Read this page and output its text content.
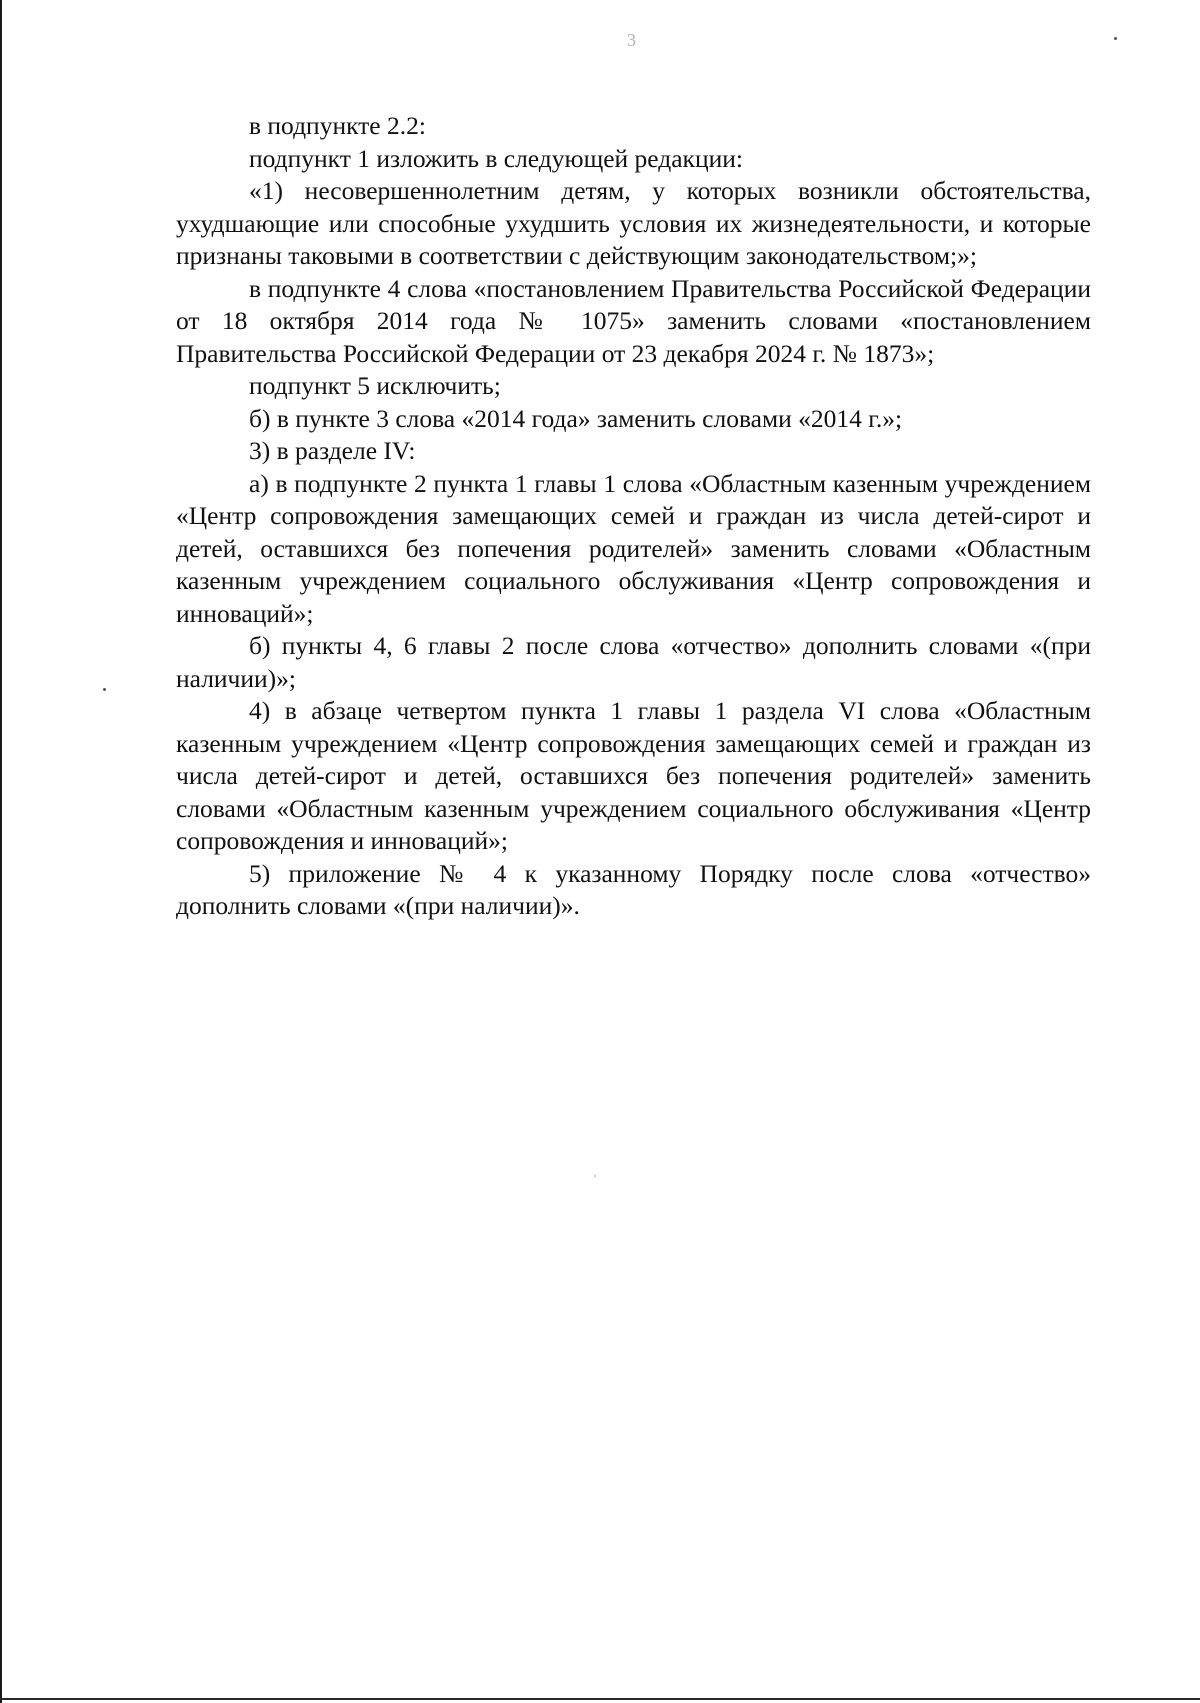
3

в подпункте 2.2:

подпункт 1 изложить в следующей редакции:

«1) несовершеннолетним детям, у которых возникли обстоятельства, ухудшающие или способные ухудшить условия их жизнедеятельности, и которые признаны таковыми в соответствии с действующим законодательством;»;

в подпункте 4 слова «постановлением Правительства Российской Федерации от 18 октября 2014 года № 1075» заменить словами «постановлением Правительства Российской Федерации от 23 декабря 2024 г. № 1873»;

подпункт 5 исключить;

б) в пункте 3 слова «2014 года» заменить словами «2014 г.»;

3) в разделе IV:

а) в подпункте 2 пункта 1 главы 1 слова «Областным казенным учреждением «Центр сопровождения замещающих семей и граждан из числа детей-сирот и детей, оставшихся без попечения родителей» заменить словами «Областным казенным учреждением социального обслуживания «Центр сопровождения и инноваций»;

б) пункты 4, 6 главы 2 после слова «отчество» дополнить словами «(при наличии)»;

4) в абзаце четвертом пункта 1 главы 1 раздела VI слова «Областным казенным учреждением «Центр сопровождения замещающих семей и граждан из числа детей-сирот и детей, оставшихся без попечения родителей» заменить словами «Областным казенным учреждением социального обслуживания «Центр сопровождения и инноваций»;

5) приложение № 4 к указанному Порядку после слова «отчество» дополнить словами «(при наличии)».
